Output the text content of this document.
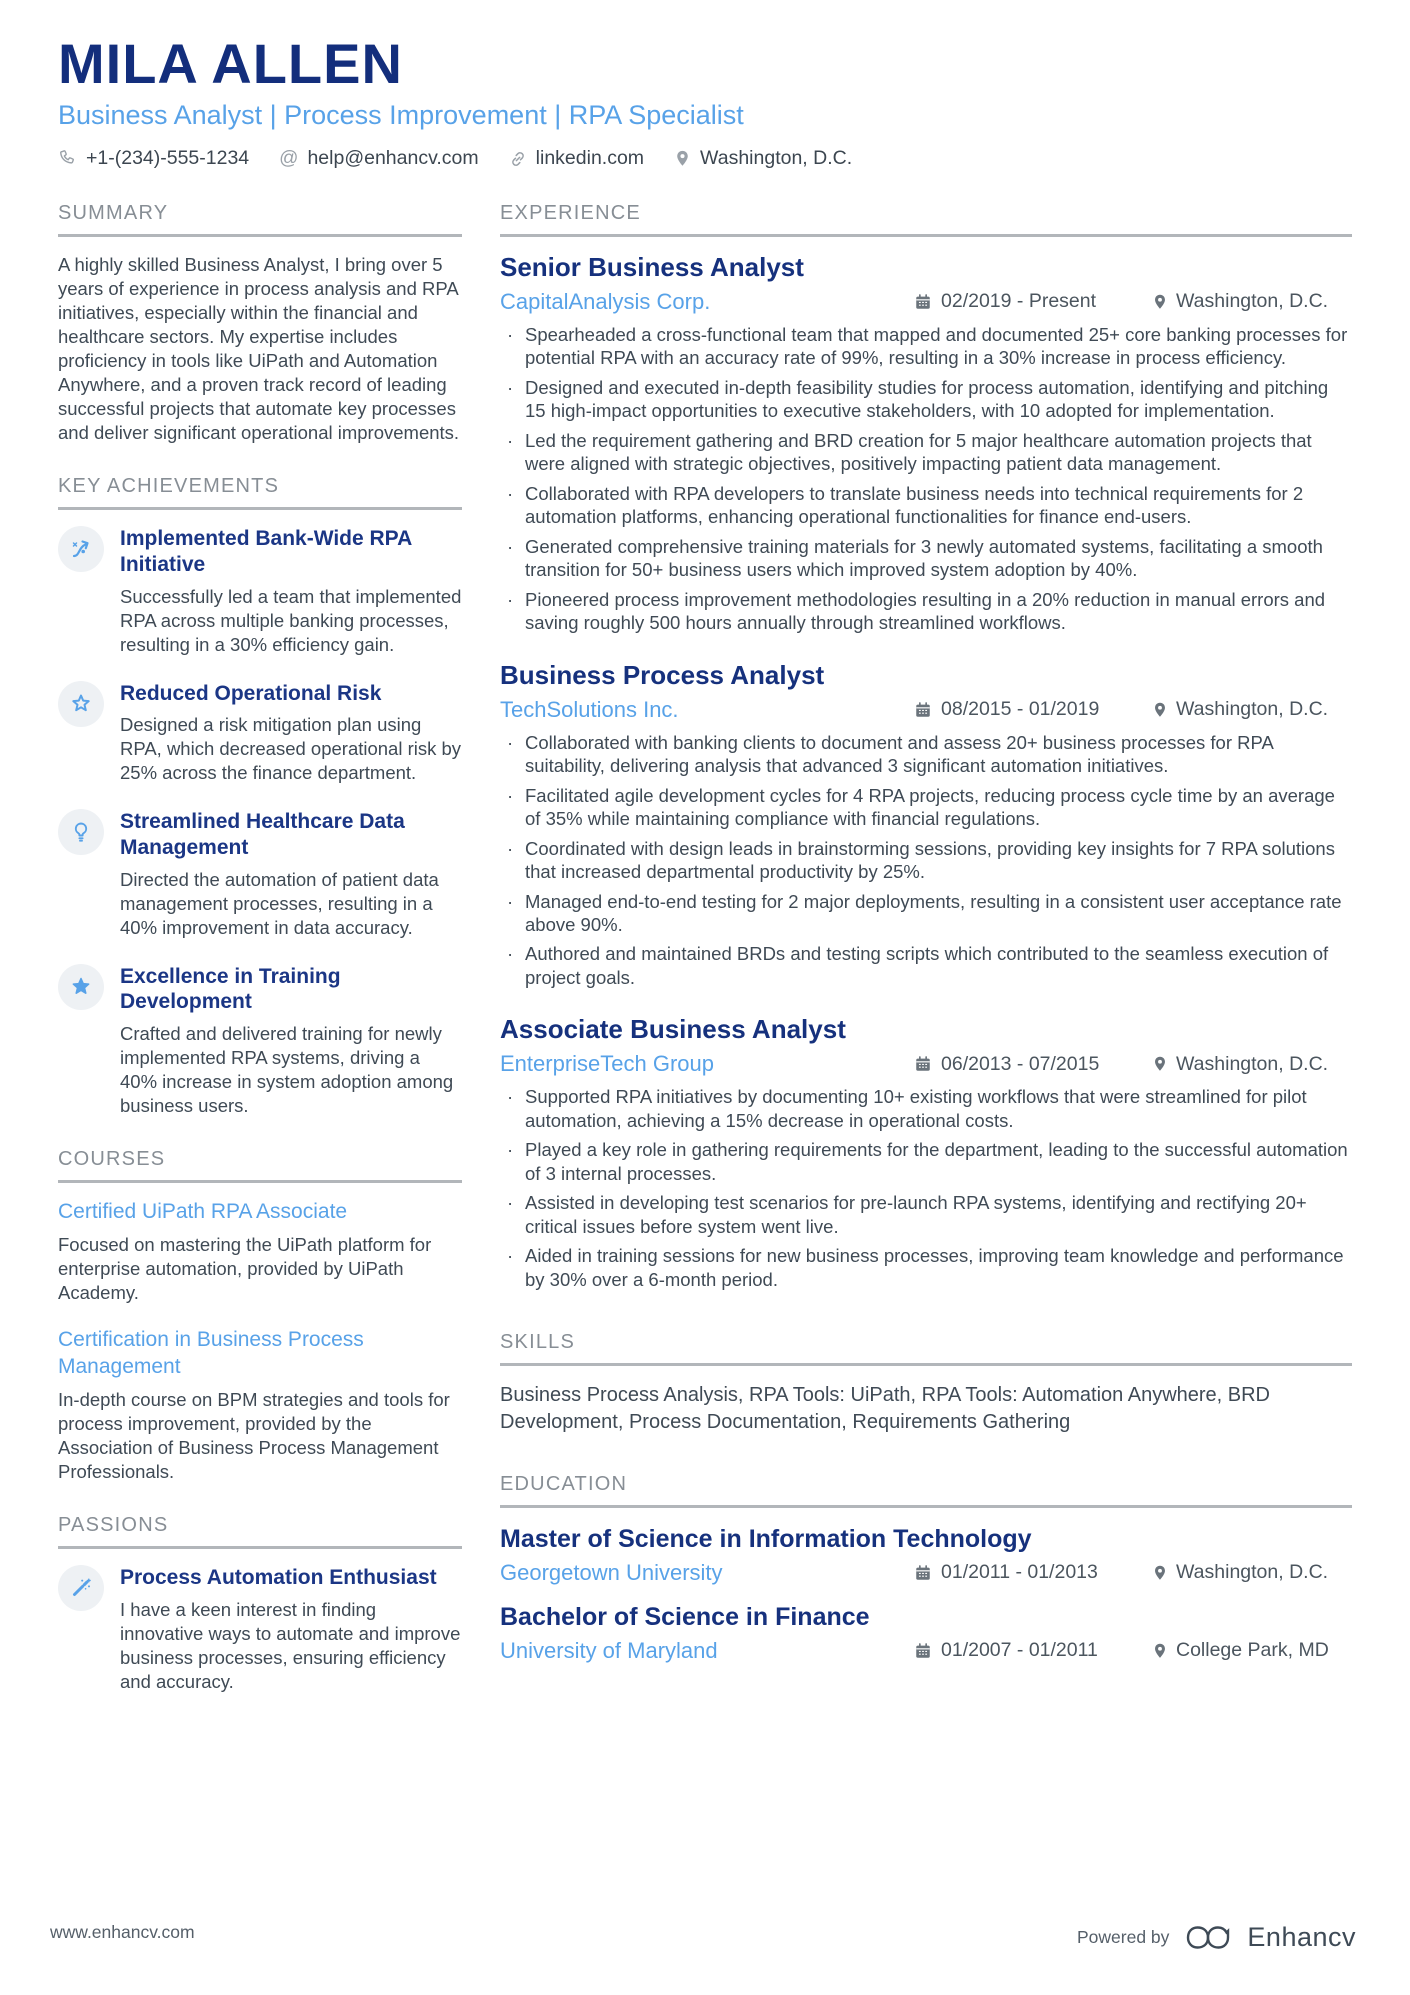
MILA ALLEN
Business Analyst | Process Improvement | RPA Specialist
+1-(234)-555-1234 @ help@enhancv.com	linkedin.com	Washington, D.C.
SUMMARY

A highly skilled Business Analyst, I bring over 5 years of experience in process analysis and RPA initiatives, especially within the financial and healthcare sectors. My expertise includes proficiency in tools like UiPath and Automation Anywhere, and a proven track record of leading successful projects that automate key processes and deliver significant operational improvements.

KEY ACHIEVEMENTS
Implemented Bank-Wide RPA Initiative
Successfully led a team that implemented RPA across multiple banking processes, resulting in a 30% efficiency gain.
Reduced Operational Risk
Designed a risk mitigation plan using RPA, which decreased operational risk by 25% across the finance department.
Streamlined Healthcare Data Management
Directed the automation of patient data management processes, resulting in a 40% improvement in data accuracy.
Excellence in Training Development
Crafted and delivered training for newly implemented RPA systems, driving a 40% increase in system adoption among business users.
COURSES
Certified UiPath RPA Associate
Focused on mastering the UiPath platform for enterprise automation, provided by UiPath Academy.
Certification in Business Process Management
In-depth course on BPM strategies and tools for process improvement, provided by the Association of Business Process Management Professionals.
PASSIONS
Process Automation Enthusiast
I have a keen interest in finding innovative ways to automate and improve business processes, ensuring efficiency and accuracy.
EXPERIENCE
Senior Business Analyst
CapitalAnalysis Corp.	02/2019 - Present	Washington, D.C.
· Spearheaded a cross-functional team that mapped and documented 25+ core banking processes for potential RPA with an accuracy rate of 99%, resulting in a 30% increase in process efficiency.
· Designed and executed in-depth feasibility studies for process automation, identifying and pitching 15 high-impact opportunities to executive stakeholders, with 10 adopted for implementation.
· Led the requirement gathering and BRD creation for 5 major healthcare automation projects that were aligned with strategic objectives, positively impacting patient data management.
· Collaborated with RPA developers to translate business needs into technical requirements for 2 automation platforms, enhancing operational functionalities for finance end-users.
· Generated comprehensive training materials for 3 newly automated systems, facilitating a smooth transition for 50+ business users which improved system adoption by 40%.
· Pioneered process improvement methodologies resulting in a 20% reduction in manual errors and saving roughly 500 hours annually through streamlined workflows.
Business Process Analyst
TechSolutions Inc.	08/2015 - 01/2019	Washington, D.C.
· Collaborated with banking clients to document and assess 20+ business processes for RPA suitability, delivering analysis that advanced 3 significant automation initiatives.
· Facilitated agile development cycles for 4 RPA projects, reducing process cycle time by an average of 35% while maintaining compliance with financial regulations.
· Coordinated with design leads in brainstorming sessions, providing key insights for 7 RPA solutions that increased departmental productivity by 25%.
· Managed end-to-end testing for 2 major deployments, resulting in a consistent user acceptance rate above 90%.
· Authored and maintained BRDs and testing scripts which contributed to the seamless execution of project goals.
Associate Business Analyst
EnterpriseTech Group	06/2013 - 07/2015	Washington, D.C.
· Supported RPA initiatives by documenting 10+ existing workflows that were streamlined for pilot automation, achieving a 15% decrease in operational costs.
· Played a key role in gathering requirements for the department, leading to the successful automation of 3 internal processes.
· Assisted in developing test scenarios for pre-launch RPA systems, identifying and rectifying 20+ critical issues before system went live.
· Aided in training sessions for new business processes, improving team knowledge and performance by 30% over a 6-month period.
SKILLS

Business Process Analysis, RPA Tools: UiPath, RPA Tools: Automation Anywhere, BRD Development, Process Documentation, Requirements Gathering

EDUCATION
Master of Science in Information Technology
Georgetown University	01/2011 - 01/2013	Washington, D.C.
Bachelor of Science in Finance
University of Maryland	01/2007 - 01/2011	College Park, MD
www.enhancv.com	Powered by	Enhancv
